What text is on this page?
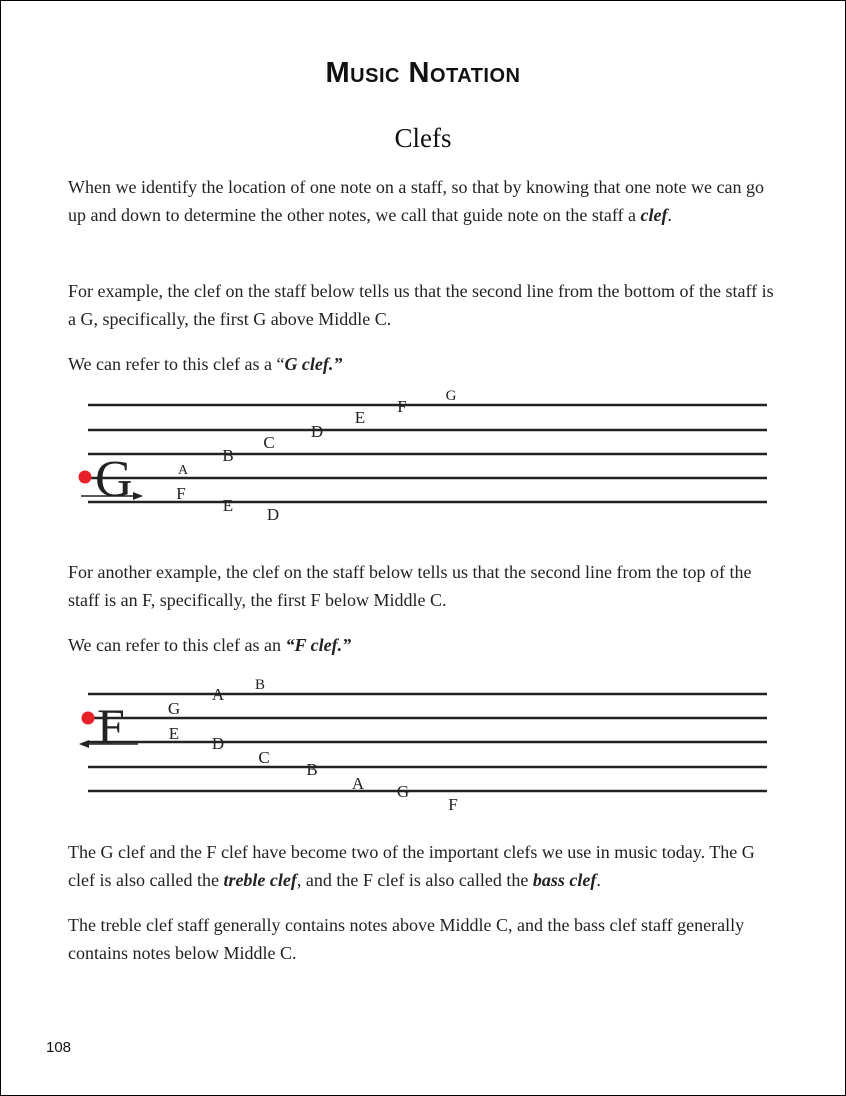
Music Notation
Clefs

When we identify the location of one note on a staff, so that by knowing that one note we can go up and down to determine the other notes, we call that guide note on the staff a clef.

For example, the clef on the staff below tells us that the second line from the bottom of the staff is a G, specifically, the first G above Middle C.

We can refer to this clef as a “G clef.”

G
D
E
F
A
B
C
D
E
F
G

For another example, the clef on the staff below tells us that the second line from the top of the staff is an F, specifically, the first F below Middle C.

We can refer to this clef as an “F clef.”

F	E
G
D
A B
C
B
A G
F

The G clef and the F clef have become two of the important clefs we use in music today. The G clef is also called the treble clef, and the F clef is also called the bass clef.

The treble clef staff generally contains notes above Middle C, and the bass clef staff generally contains notes below Middle C.

108
